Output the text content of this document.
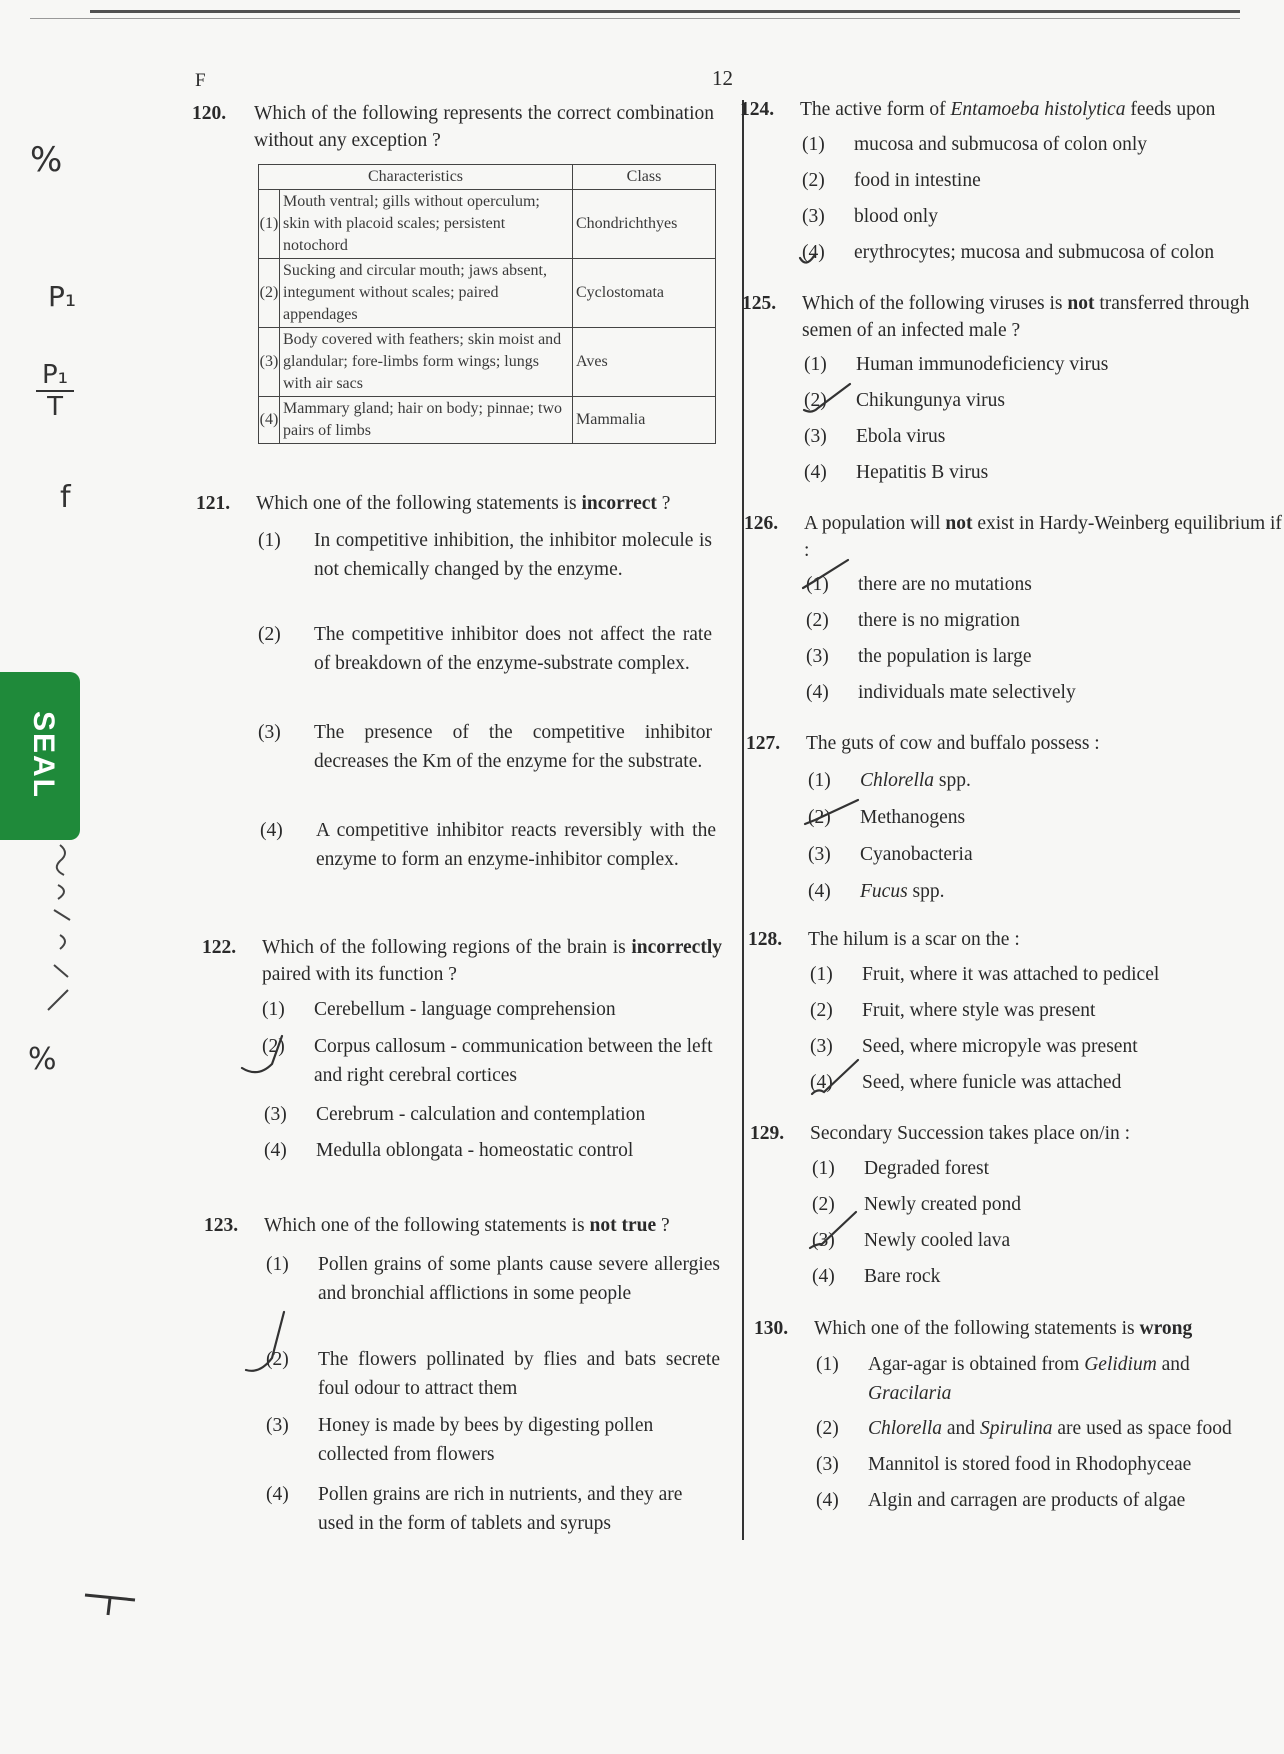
F	12
SEAL
%
P₁
P₁
T
f
%
120. Which of the following represents the correct combination without any exception ?
Characteristics		Class
(1)	Mouth ventral; gills without operculum; skin with placoid scales; persistent notochord	Chondrichthyes
(2)	Sucking and circular mouth; jaws absent, integument without scales; paired appendages	Cyclostomata
(3)	Body covered with feathers; skin moist and glandular; fore-limbs form wings; lungs with air sacs	Aves
(4)	Mammary gland; hair on body; pinnae; two pairs of limbs	Mammalia
121. Which one of the following statements is incorrect ?
(1) In competitive inhibition, the inhibitor molecule is not chemically changed by the enzyme.
(2) The competitive inhibitor does not affect the rate of breakdown of the enzyme-substrate complex.
(3) The presence of the competitive inhibitor decreases the Km of the enzyme for the substrate.
(4) A competitive inhibitor reacts reversibly with the enzyme to form an enzyme-inhibitor complex.
122. Which of the following regions of the brain is incorrectly paired with its function ?
(1) Cerebellum - language comprehension
(2) Corpus callosum - communication between the left and right cerebral cortices
(3) Cerebrum - calculation and contemplation
(4) Medulla oblongata - homeostatic control
123. Which one of the following statements is not true ?
(1) Pollen grains of some plants cause severe allergies and bronchial afflictions in some people
(2) The flowers pollinated by flies and bats secrete foul odour to attract them
(3) Honey is made by bees by digesting pollen collected from flowers
(4) Pollen grains are rich in nutrients, and they are used in the form of tablets and syrups
124. The active form of Entamoeba histolytica feeds upon
(1) mucosa and submucosa of colon only
(2) food in intestine
(3) blood only
(4) erythrocytes; mucosa and submucosa of colon
125. Which of the following viruses is not transferred through semen of an infected male ?
(1) Human immunodeficiency virus
(2) Chikungunya virus
(3) Ebola virus
(4) Hepatitis B virus
126. A population will not exist in Hardy-Weinberg equilibrium if :
(1) there are no mutations
(2) there is no migration
(3) the population is large
(4) individuals mate selectively
127. The guts of cow and buffalo possess :
(1) Chlorella spp.
(2) Methanogens
(3) Cyanobacteria
(4) Fucus spp.
128. The hilum is a scar on the :
(1) Fruit, where it was attached to pedicel
(2) Fruit, where style was present
(3) Seed, where micropyle was present
(4) Seed, where funicle was attached
129. Secondary Succession takes place on/in :
(1) Degraded forest
(2) Newly created pond
(3) Newly cooled lava
(4) Bare rock
130. Which one of the following statements is wrong
(1) Agar-agar is obtained from Gelidium and Gracilaria
(2) Chlorella and Spirulina are used as space food
(3) Mannitol is stored food in Rhodophyceae
(4) Algin and carragen are products of algae
